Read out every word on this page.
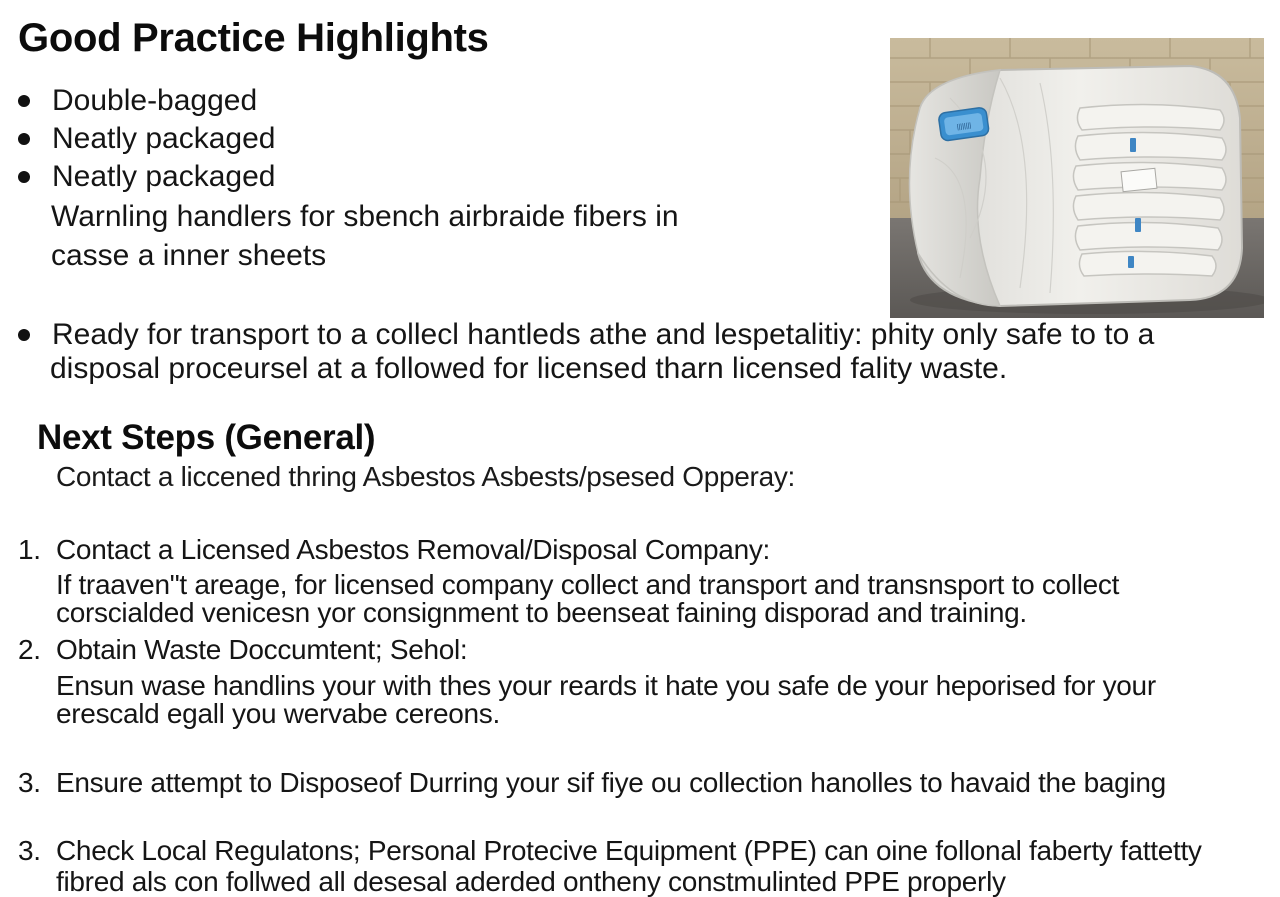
Good Practice Highlights
Double-bagged
Neatly packaged
Neatly packaged
Warnling handlers for sbench airbraide fibers in
casse a inner sheets
||||||||
Ready for transport to a collecl hantleds athe and lespetalitiy: phity only safe to to a
disposal proceursel at a followed for licensed tharn licensed fality waste.
Next Steps (General)
Contact a liccened thring Asbestos Asbests/psesed Opperay:
1. Contact a Licensed Asbestos Removal/Disposal Company:
If traaven"t areage, for licensed company collect and transport and transnsport to collect
corscialded venicesn yor consignment to beenseat faining disporad and training.
2. Obtain Waste Doccumtent; Sehol:
Ensun wase handlins your with thes your reards it hate you safe de your heporised for your
erescald egall you wervabe cereons.
3. Ensure attempt to Disposeof Durring your sif fiye ou collection hanolles to havaid the baging
3. Check Local Regulatons; Personal Protecive Equipment (PPE) can oine follonal faberty fattetty
fibred als con follwed all desesal aderded ontheny constmulinted PPE properly
